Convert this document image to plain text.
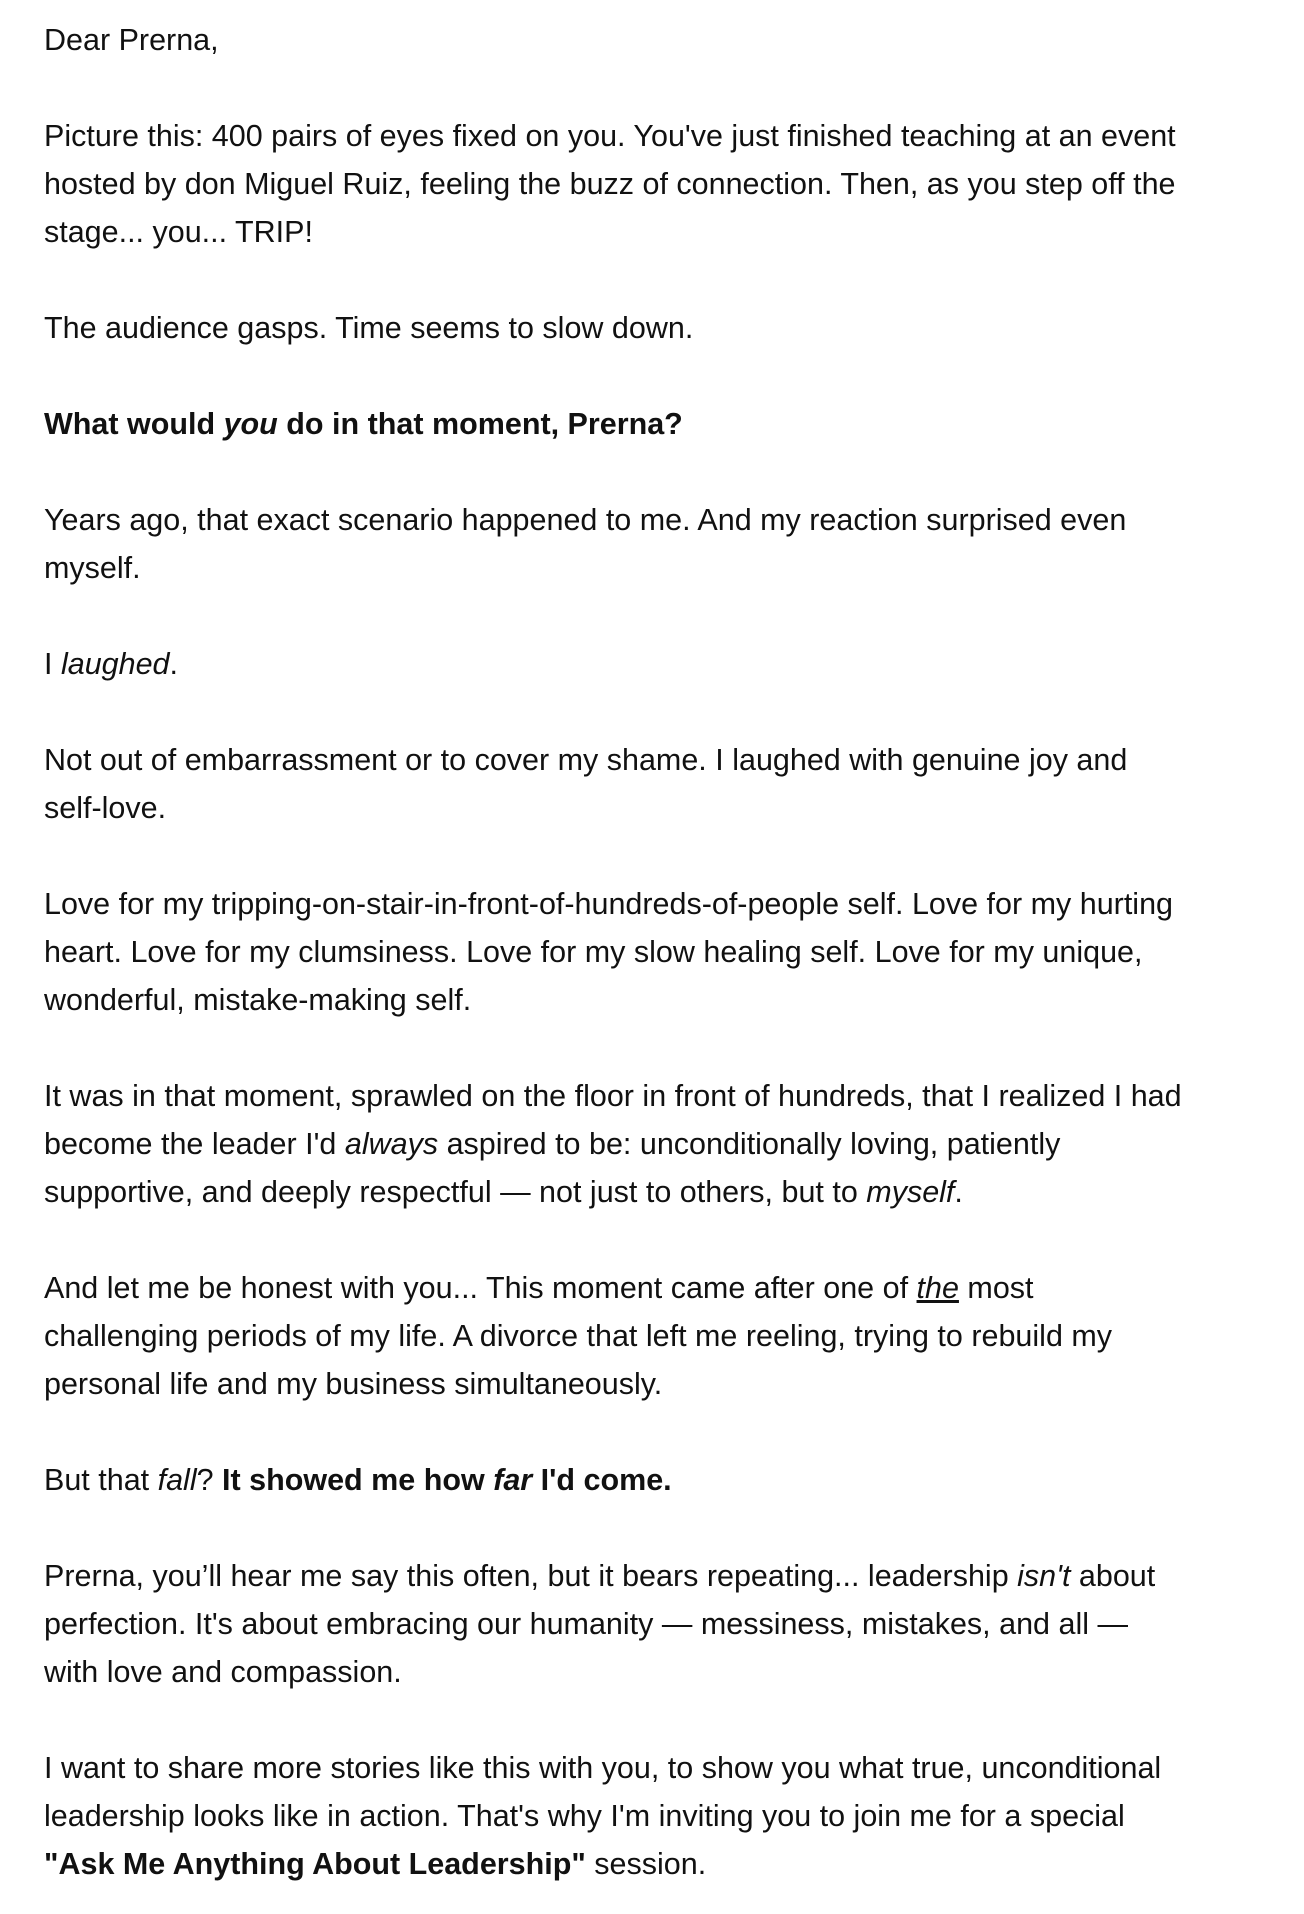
Dear Prerna,

Picture this: 400 pairs of eyes fixed on you. You've just finished teaching at an event
hosted by don Miguel Ruiz, feeling the buzz of connection. Then, as you step off the
stage... you... TRIP!

The audience gasps. Time seems to slow down.

What would you do in that moment, Prerna?

Years ago, that exact scenario happened to me. And my reaction surprised even
myself.

I laughed.

Not out of embarrassment or to cover my shame. I laughed with genuine joy and
self-love.

Love for my tripping-on-stair-in-front-of-hundreds-of-people self. Love for my hurting
heart. Love for my clumsiness. Love for my slow healing self. Love for my unique,
wonderful, mistake-making self.

It was in that moment, sprawled on the floor in front of hundreds, that I realized I had
become the leader I'd always aspired to be: unconditionally loving, patiently
supportive, and deeply respectful — not just to others, but to myself.

And let me be honest with you... This moment came after one of the most
challenging periods of my life. A divorce that left me reeling, trying to rebuild my
personal life and my business simultaneously.

But that fall? It showed me how far I'd come.

Prerna, you’ll hear me say this often, but it bears repeating... leadership isn't about
perfection. It's about embracing our humanity — messiness, mistakes, and all —
with love and compassion.

I want to share more stories like this with you, to show you what true, unconditional
leadership looks like in action. That's why I'm inviting you to join me for a special
"Ask Me Anything About Leadership" session.
